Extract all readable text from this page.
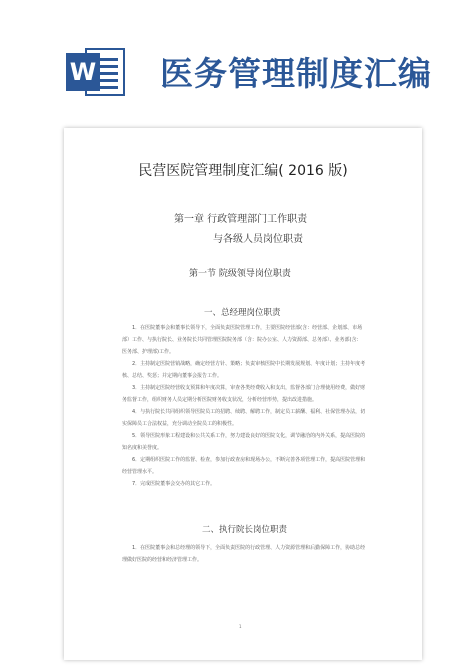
W 医务管理制度汇编
民营医院管理制度汇编( 2016 版)
第一章 行政管理部门工作职责
与各级人员岗位职责
第一节 院级领导岗位职责
一、总经理岗位职责

1．在医院董事会和董事长领导下，全面负责医院管理工作，主要医院经营部(含：经营部、企划部、市场部）工作、与执行院长、业务院长共同管理医院院务部（含：院办公室、人力资源部、总务部）、业务部(含：医务部、护理部)工作。

2．主持制定医院营销战略，确定经营方针、策略；负责审核医院中长期发展规划、年度计划；主持年度考核、总结、奖惩；并定期向董事会报告工作。

3．主持制定医院经营收支预算和年度决算，审查各类经费收入和支出，监督各部门合理使用经费，做好财务监督工作，组织财务人员定期分析医院财务收支状况，分析经营形势，提出改进措施。

4．与执行院长共同组织领导医院员工的招聘、续聘、解聘工作，制定员工薪酬、福利、社保管理办法，切实保障员工合法权益，充分调动全院员工的积极性。

5．领导医院形象工程建设和公共关系工作，努力建设良好的医院文化，调节融洽的内外关系，提高医院的知名度和美誉度。

6．定期组织医院工作的监督、检查，参加行政查房和现场办公，不断完善各项管理工作，提高医院管理和经营管理水平。

7．完成医院董事会交办的其它工作。

二、执行院长岗位职责

1．在医院董事会和总经理的领导下，全面负责医院的行政管理、人力资源管理和后勤保障工作，协助总经理做好医院的经营和经济管理工作。

1
